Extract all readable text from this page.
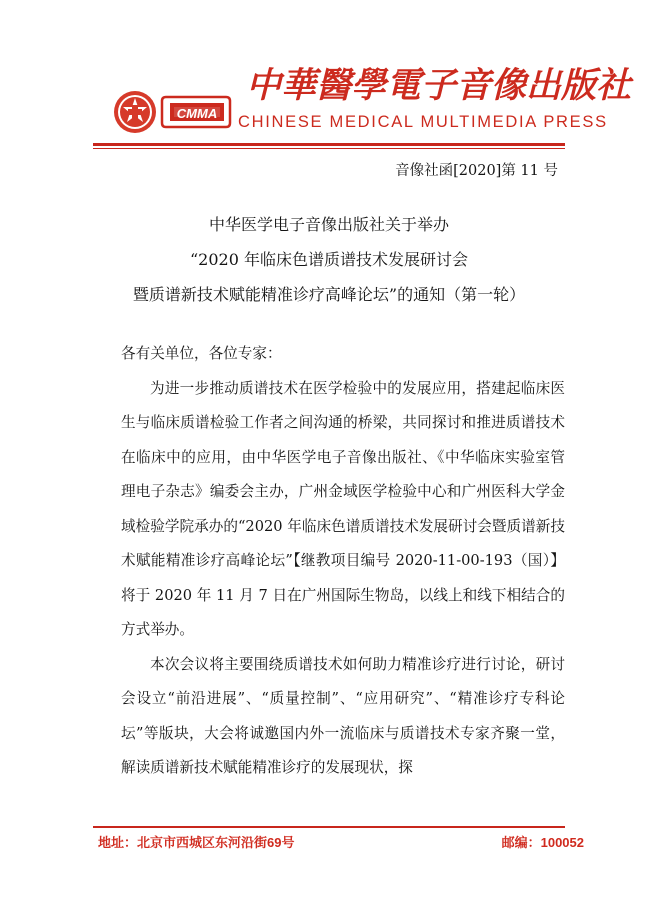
CMMA
中華醫學電子音像出版社
CHINESE MEDICAL MULTIMEDIA PRESS
音像社函[2020]第 11 号
中华医学电子音像出版社关于举办
“2020 年临床色谱质谱技术发展研讨会
暨质谱新技术赋能精准诊疗高峰论坛”的通知（第一轮）

各有关单位，各位专家：

为进一步推动质谱技术在医学检验中的发展应用，搭建起临床医生与临床质谱检验工作者之间沟通的桥梁，共同探讨和推进质谱技术在临床中的应用，由中华医学电子音像出版社、《中华临床实验室管理电子杂志》编委会主办，广州金域医学检验中心和广州医科大学金域检验学院承办的“2020 年临床色谱质谱技术发展研讨会暨质谱新技术赋能精准诊疗高峰论坛”【继教项目编号 2020-11-00-193（国）】将于 2020 年 11 月 7 日在广州国际生物岛，以线上和线下相结合的方式举办。

本次会议将主要围绕质谱技术如何助力精准诊疗进行讨论，研讨会设立“前沿进展”、“质量控制”、“应用研究”、“精准诊疗专科论坛”等版块，大会将诚邀国内外一流临床与质谱技术专家齐聚一堂，解读质谱新技术赋能精准诊疗的发展现状，探

地址：北京市西城区东河沿街69号	邮编：100052
